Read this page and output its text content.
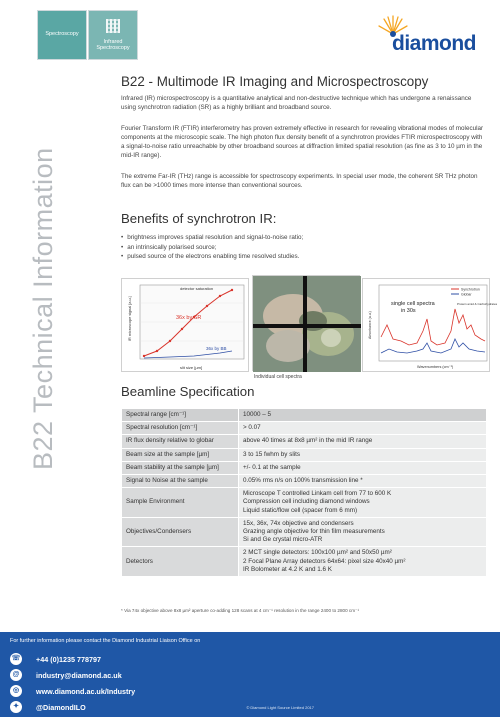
Spectroscopy
Infrared
Spectroscopy	diamond
B22 Technical Information
B22 - Multimode IR Imaging and Microspectroscopy

Infrared (IR) microspectroscopy is a quantitative analytical and non-destructive technique which has undergone a renaissance using synchrotron radiation (SR) as a highly brilliant and broadband source.

Fourier Transform IR (FTIR) interferometry has proven extremely effective in research for revealing vibrational modes of molecular components at the microscopic scale. The high photon flux density benefit of a synchrotron provides FTIR microspectroscopy with a signal-to-noise ratio unreachable by other broadband sources at diffraction limited spatial resolution (as fine as 3 to 10 µm in the mid-IR range).

The extreme Far-IR (THz) range is accessible for spectroscopy experiments. In special user mode, the coherent SR THz photon flux can be >1000 times more intense than conventional sources.

Benefits of synchrotron IR:
• brightness improves spatial resolution and signal-to-noise ratio;
• an intrinsically polarised source;
• pulsed source of the electrons enabling time resolved studies.
detector saturation
36x by SR
36x by BB
slit size [µm]
IR microscope signal [a.u.]
Individual cell spectra
Synchrotron
Globar
single cell spectra
in 30s
Protein amid & Carbohydrates
Wavenumbers (cm⁻¹)
Absorbance (a.u.)
Beamline Specification
Spectral range [cm⁻¹]	10000 – 5

Spectral resolution [cm⁻¹]	> 0.07

IR flux density relative to globar	above 40 times at 8x8 µm² in the mid IR range

Beam size at the sample [µm]	3 to 15 fwhm by slits

Beam stability at the sample [µm]	+/- 0.1 at the sample

Signal to Noise at the sample	0.05% rms n/s on 100% transmission line *

Sample Environment	Microscope T controlled Linkam cell from 77 to 600 K
Compression cell including diamond windows
Liquid static/flow cell (spacer from 6 mm)

Objectives/Condensers	15x, 36x, 74x objective and condensers
Grazing angle objective for thin film measurements
Si and Ge crystal micro-ATR

Detectors	2 MCT single detectors: 100x100 µm² and 50x50 µm²
2 Focal Plane Array detectors 64x64: pixel size 40x40 µm²
IR Bolometer at 4.2 K and 1.6 K
* Via 74x objective above 8x8 µm² aperture co-adding 128 scans at 4 cm⁻¹ resolution in the range 2400 to 2800 cm⁻¹
For further information please contact the Diamond Industrial Liaison Office on
☏ +44 (0)1235 778797
@	industry@diamond.ac.uk
◎	www.diamond.ac.uk/Industry
✦	@DiamondILO	© Diamond Light Source Limited 2017
